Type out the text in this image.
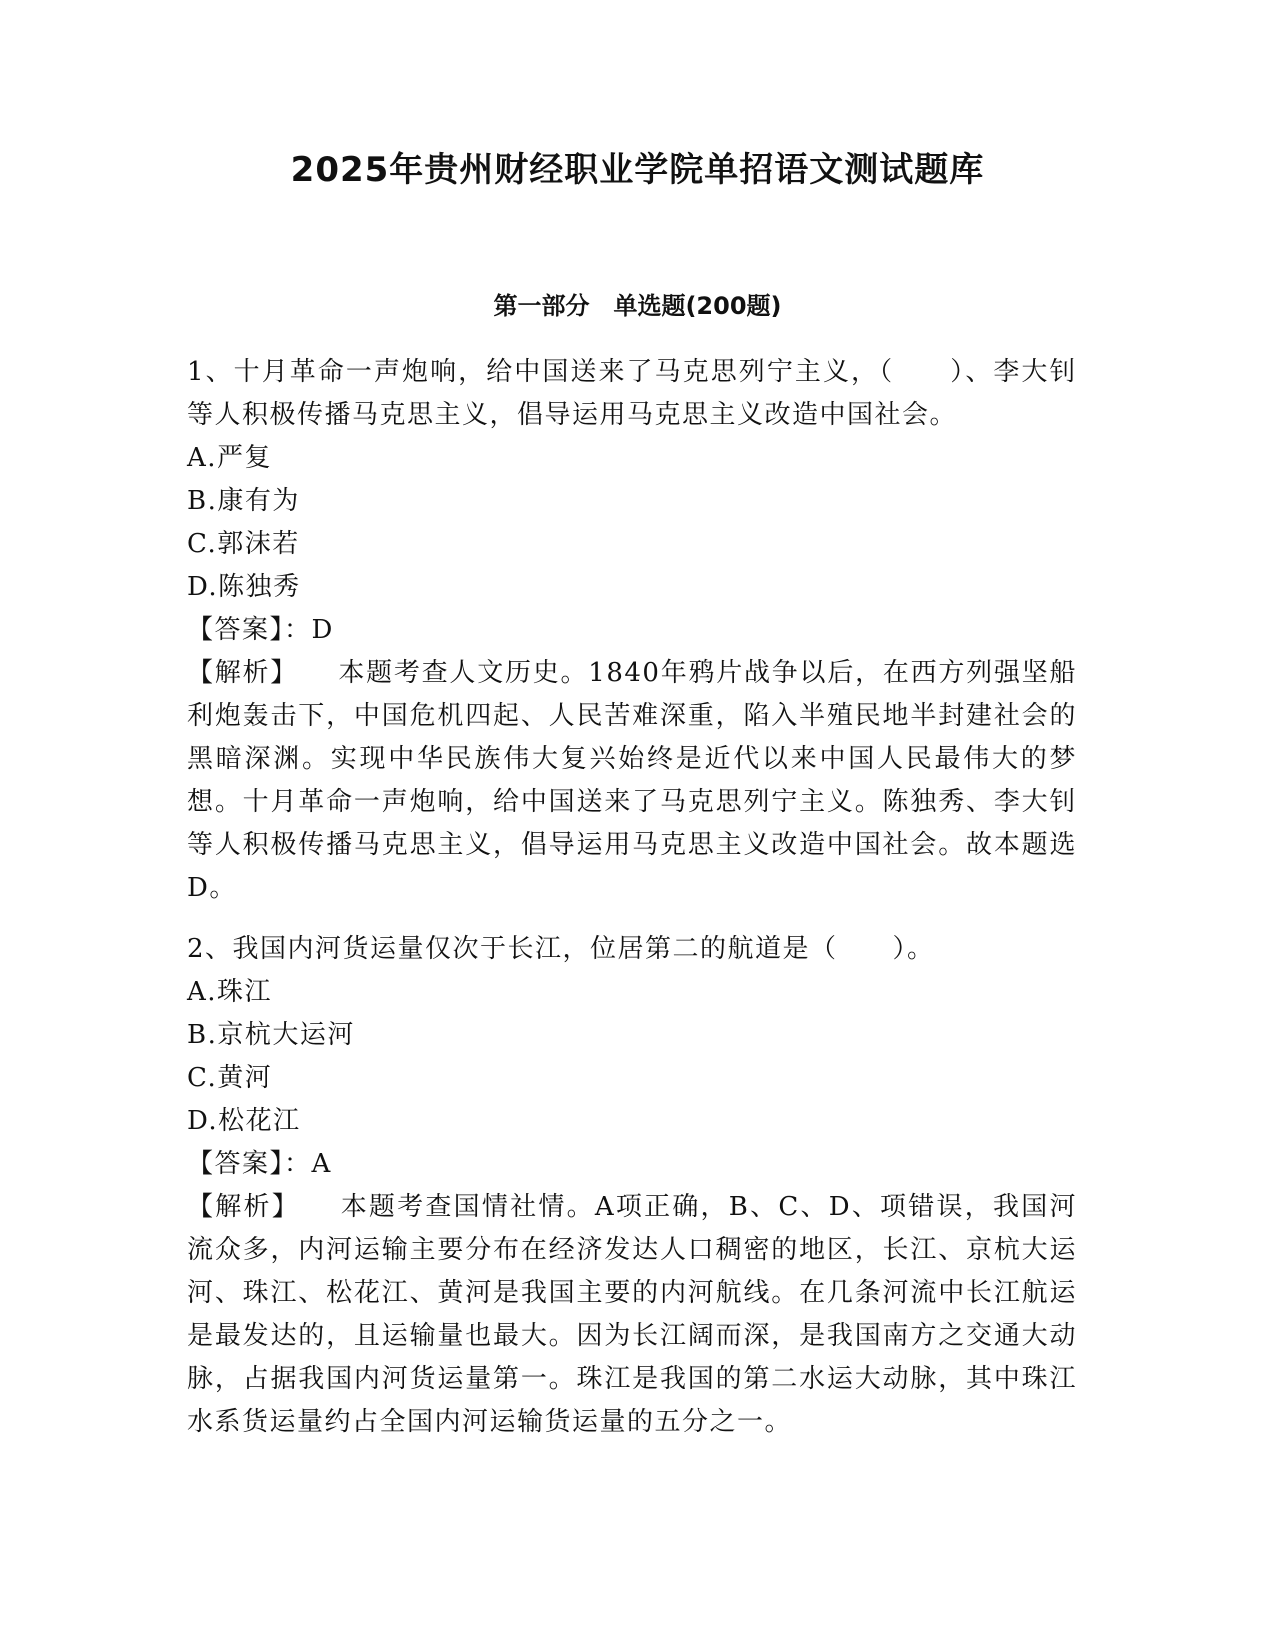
2025年贵州财经职业学院单招语文测试题库
第一部分　单选题(200题)

1、十月革命一声炮响，给中国送来了马克思列宁主义，（　　）、李大钊等人积极传播马克思主义，倡导运用马克思主义改造中国社会。

A.严复

B.康有为

C.郭沫若

D.陈独秀

【答案】：D

【解析】 本题考查人文历史。1840年鸦片战争以后，在西方列强坚船利炮轰击下，中国危机四起、人民苦难深重，陷入半殖民地半封建社会的黑暗深渊。实现中华民族伟大复兴始终是近代以来中国人民最伟大的梦想。十月革命一声炮响，给中国送来了马克思列宁主义。陈独秀、李大钊等人积极传播马克思主义，倡导运用马克思主义改造中国社会。故本题选D。

2、我国内河货运量仅次于长江，位居第二的航道是（　　）。

A.珠江

B.京杭大运河

C.黄河

D.松花江

【答案】：A

【解析】 本题考查国情社情。A项正确，B、C、D、项错误，我国河流众多，内河运输主要分布在经济发达人口稠密的地区，长江、京杭大运河、珠江、松花江、黄河是我国主要的内河航线。在几条河流中长江航运是最发达的，且运输量也最大。因为长江阔而深，是我国南方之交通大动脉，占据我国内河货运量第一。珠江是我国的第二水运大动脉，其中珠江水系货运量约占全国内河运输货运量的五分之一。
